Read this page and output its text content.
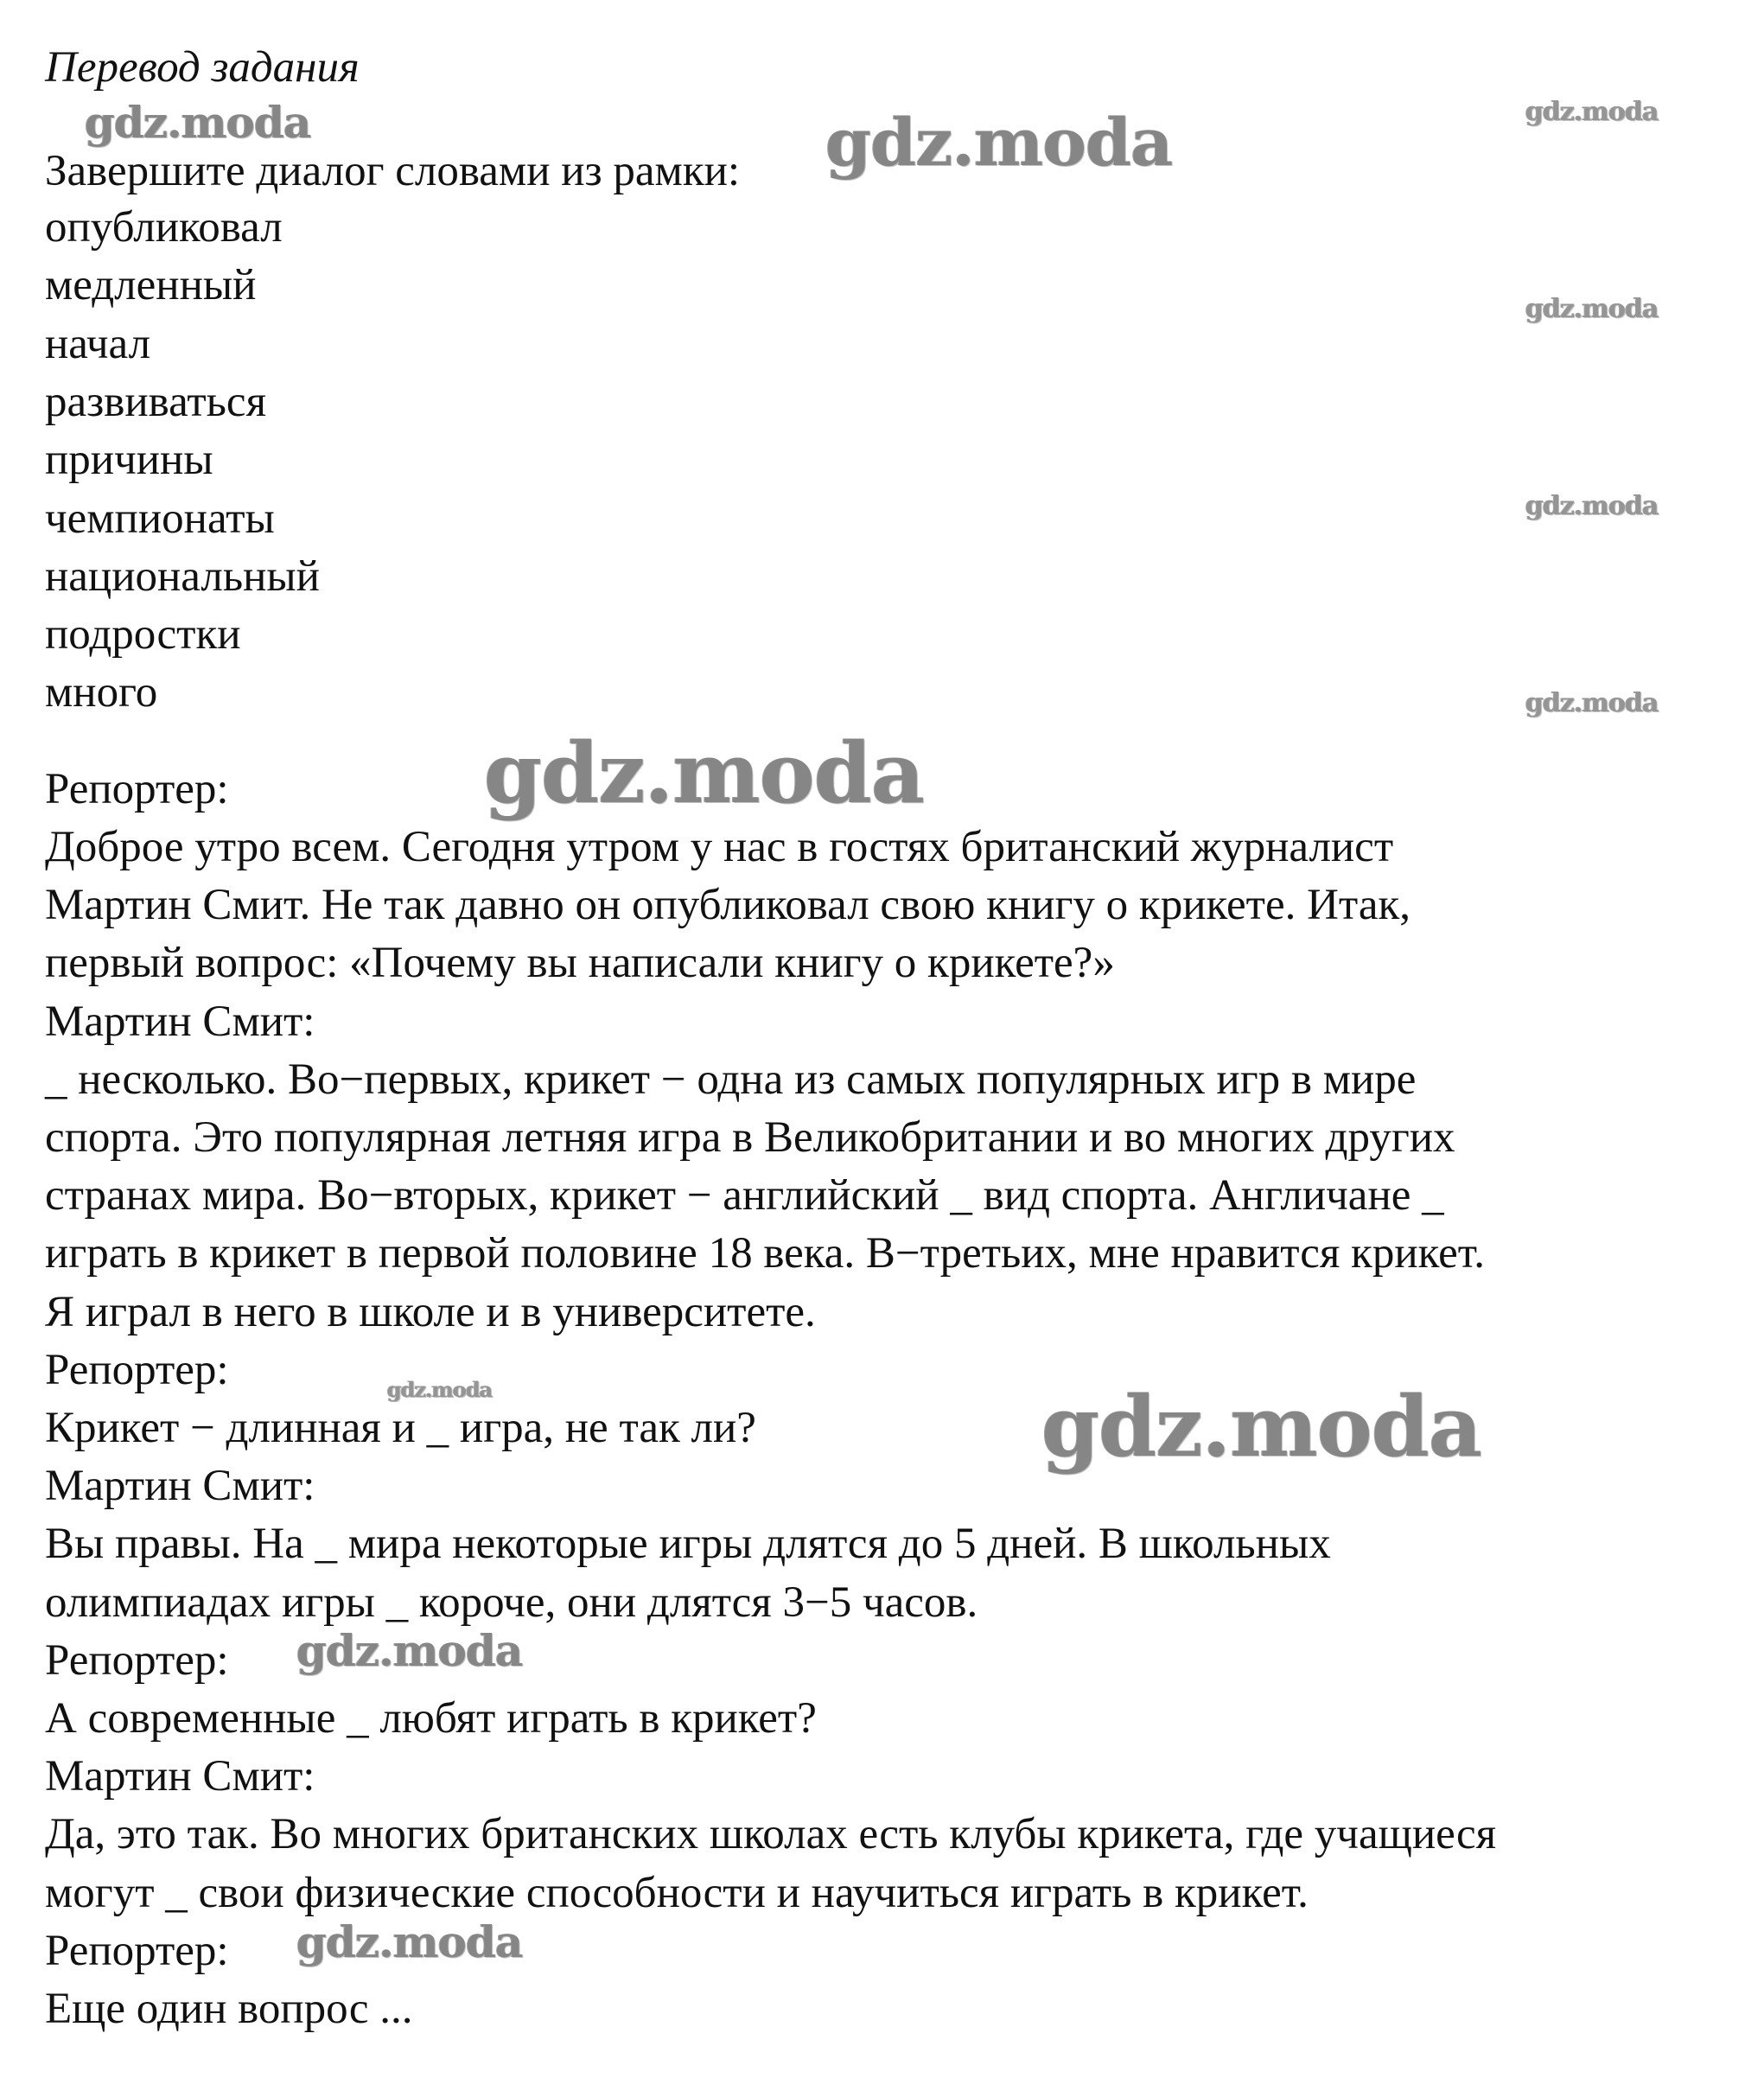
Перевод задания
Завершите диалог словами из рамки:
опубликовал
медленный
начал
развиваться
причины
чемпионаты
национальный
подростки
много
Репортер:
Доброе утро всем. Сегодня утром у нас в гостях британский журналист
Мартин Смит. Не так давно он опубликовал свою книгу о крикете. Итак,
первый вопрос: «Почему вы написали книгу о крикете?»
Мартин Смит:
_ несколько. Во−первых, крикет − одна из самых популярных игр в мире
спорта. Это популярная летняя игра в Великобритании и во многих других
странах мира. Во−вторых, крикет − английский _ вид спорта. Англичане _
играть в крикет в первой половине 18 века. В−третьих, мне нравится крикет.
Я играл в него в школе и в университете.
Репортер:
Крикет − длинная и _ игра, не так ли?
Мартин Смит:
Вы правы. На _ мира некоторые игры длятся до 5 дней. В школьных
олимпиадах игры _ короче, они длятся 3−5 часов.
Репортер:
А современные _ любят играть в крикет?
Мартин Смит:
Да, это так. Во многих британских школах есть клубы крикета, где учащиеся
могут _ свои физические способности и научиться играть в крикет.
Репортер:
Еще один вопрос ...
gdz.moda	gdz.moda	gdz.moda
gdz.moda
gdz.moda
gdz.moda
gdz.moda
gdz.moda	gdz.moda
gdz.moda
gdz.moda
